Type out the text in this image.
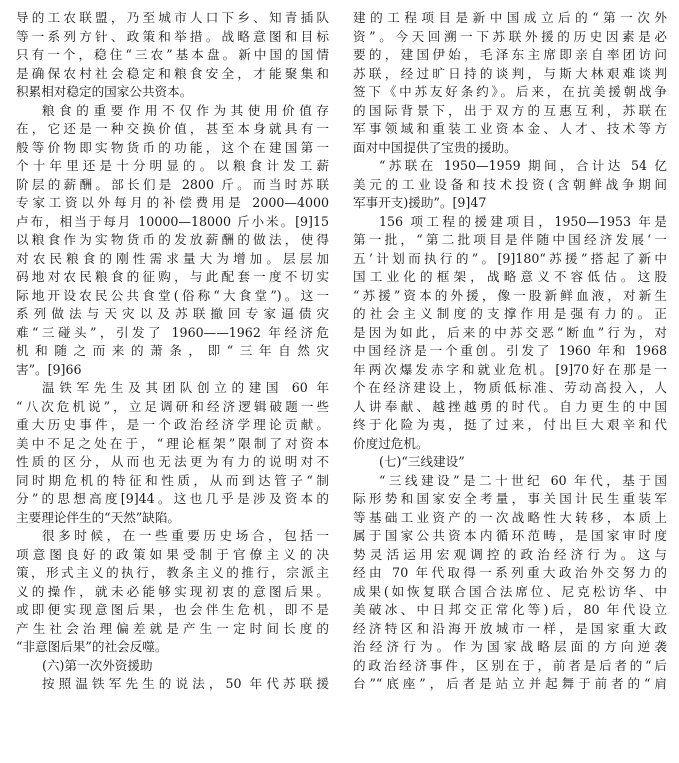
导的工农联盟，乃至城市人口下乡、知青插队
等一系列方针、政策和举措。战略意图和目标
只有一个，稳住“三农”基本盘。新中国的国情
是确保农村社会稳定和粮食安全，才能聚集和
积累相对稳定的国家公共资本。
粮食的重要作用不仅作为其使用价值存
在，它还是一种交换价值，甚至本身就具有一
般等价物即实物货币的功能，这个在建国第一
个十年里还是十分明显的。以粮食计发工薪
阶层的薪酬。部长们是 2800 斤。而当时苏联
专家工资以外每月的补偿费用是 2000—4000
卢布，相当于每月 10000—18000 斤小米。[9]15
以粮食作为实物货币的发放薪酬的做法，使得
对农民粮食的刚性需求量大为增加。层层加
码地对农民粮食的征购，与此配套一度不切实
际地开设农民公共食堂(俗称“大食堂”)。这一
系列做法与天灾以及苏联撤回专家逼债灾
难“三碰头”，引发了 1960——1962 年经济危
机和随之而来的萧条，即“三年自然灾
害”。[9]66
温铁军先生及其团队创立的建国 60 年
“八次危机说”，立足调研和经济逻辑破题一些
重大历史事件，是一个政治经济学理论贡献。
美中不足之处在于，“理论框架”限制了对资本
性质的区分，从而也无法更为有力的说明对不
同时期危机的特征和性质，从而到达管子“制
分”的思想高度[9]44。这也几乎是涉及资本的
主要理论伴生的“天然”缺陷。
很多时候，在一些重要历史场合，包括一
项意图良好的政策如果受制于官僚主义的决
策，形式主义的执行，教条主义的推行，宗派主
义的操作，就未必能够实现初衷的意图后果。
或即便实现意图后果，也会伴生危机，即不是
产生社会治理偏差就是产生一定时间长度的
“非意图后果”的社会反噬。
(六)第一次外资援助
按照温铁军先生的说法，50 年代苏联援
建的工程项目是新中国成立后的“第一次外
资”。今天回溯一下苏联外援的历史因素是必
要的，建国伊始，毛泽东主席即亲自率团访问
苏联，经过旷日持的谈判，与斯大林艰难谈判
签下《中苏友好条约》。后来，在抗美援朝战争
的国际背景下，出于双方的互惠互利，苏联在
军事领域和重装工业资本金、人才、技术等方
面对中国提供了宝贵的援助。
“苏联在 1950—1959 期间，合计达 54 亿
美元的工业设备和技术投资(含朝鲜战争期间
军事开支)援助”。[9]47
156 项工程的援建项目，1950—1953 年是
第一批，“第二批项目是伴随中国经济发展‘一
五’计划而执行的”。[9]180“苏援”搭起了新中
国工业化的框架，战略意义不容低估。这股
“苏援”资本的外援，像一股新鲜血液，对新生
的社会主义制度的支撑作用是强有力的。正
是因为如此，后来的中苏交恶“断血”行为，对
中国经济是一个重创。引发了 1960 年和 1968
年两次爆发赤字和就业危机。[9]70好在那是一
个在经济建设上，物质低标准、劳动高投入，人
人讲奉献、越挫越勇的时代。自力更生的中国
终于化险为夷，挺了过来，付出巨大艰辛和代
价度过危机。
(七)“三线建设”
“三线建设”是二十世纪 60 年代，基于国
际形势和国家安全考量，事关国计民生重装军
等基础工业资产的一次战略性大转移，本质上
属于国家公共资本内循环范畴，是国家审时度
势灵活运用宏观调控的政治经济行为。这与
经由 70 年代取得一系列重大政治外交努力的
成果(如恢复联合国合法席位、尼克松访华、中
美破冰、中日邦交正常化等)后，80 年代设立
经济特区和沿海开放城市一样，是国家重大政
治经济行为。作为国家战略层面的方向逆袭
的政治经济事件，区别在于，前者是后者的“后
台”“底座”，后者是站立并起舞于前者的“肩
